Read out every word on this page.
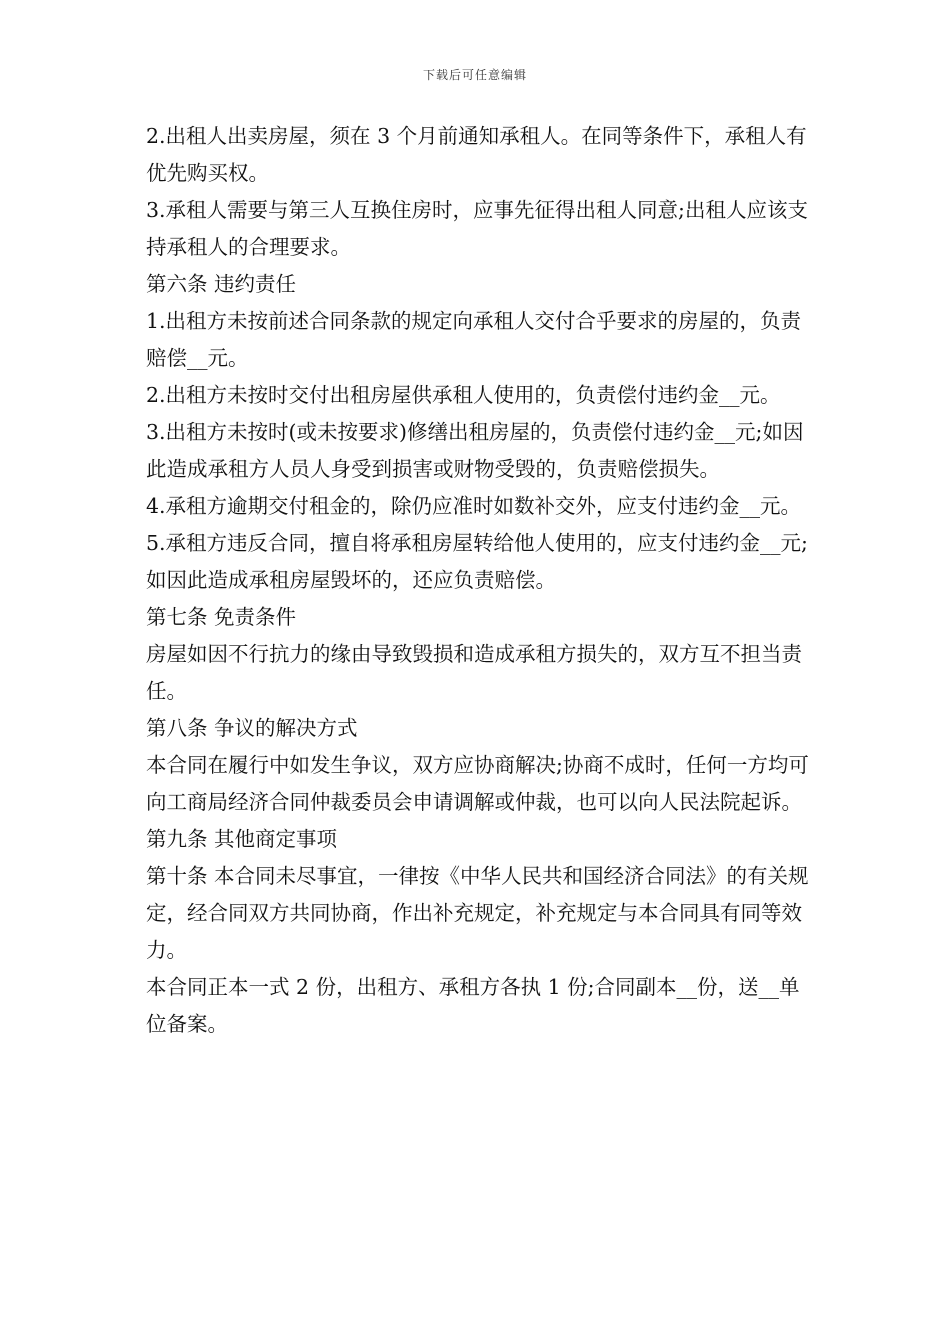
下载后可任意编辑

2.出租人出卖房屋，须在 3 个月前通知承租人。在同等条件下，承租人有优先购买权。

3.承租人需要与第三人互换住房时，应事先征得出租人同意;出租人应该支持承租人的合理要求。

第六条 违约责任

1.出租方未按前述合同条款的规定向承租人交付合乎要求的房屋的，负责赔偿__元。

2.出租方未按时交付出租房屋供承租人使用的，负责偿付违约金__元。

3.出租方未按时(或未按要求)修缮出租房屋的，负责偿付违约金__元;如因此造成承租方人员人身受到损害或财物受毁的，负责赔偿损失。

4.承租方逾期交付租金的，除仍应准时如数补交外，应支付违约金__元。

5.承租方违反合同，擅自将承租房屋转给他人使用的，应支付违约金__元;如因此造成承租房屋毁坏的，还应负责赔偿。

第七条 免责条件

房屋如因不行抗力的缘由导致毁损和造成承租方损失的，双方互不担当责任。

第八条 争议的解决方式

本合同在履行中如发生争议，双方应协商解决;协商不成时，任何一方均可向工商局经济合同仲裁委员会申请调解或仲裁，也可以向人民法院起诉。

第九条 其他商定事项

第十条 本合同未尽事宜，一律按《中华人民共和国经济合同法》的有关规定，经合同双方共同协商，作出补充规定，补充规定与本合同具有同等效力。

本合同正本一式 2 份，出租方、承租方各执 1 份;合同副本__份，送__单位备案。
